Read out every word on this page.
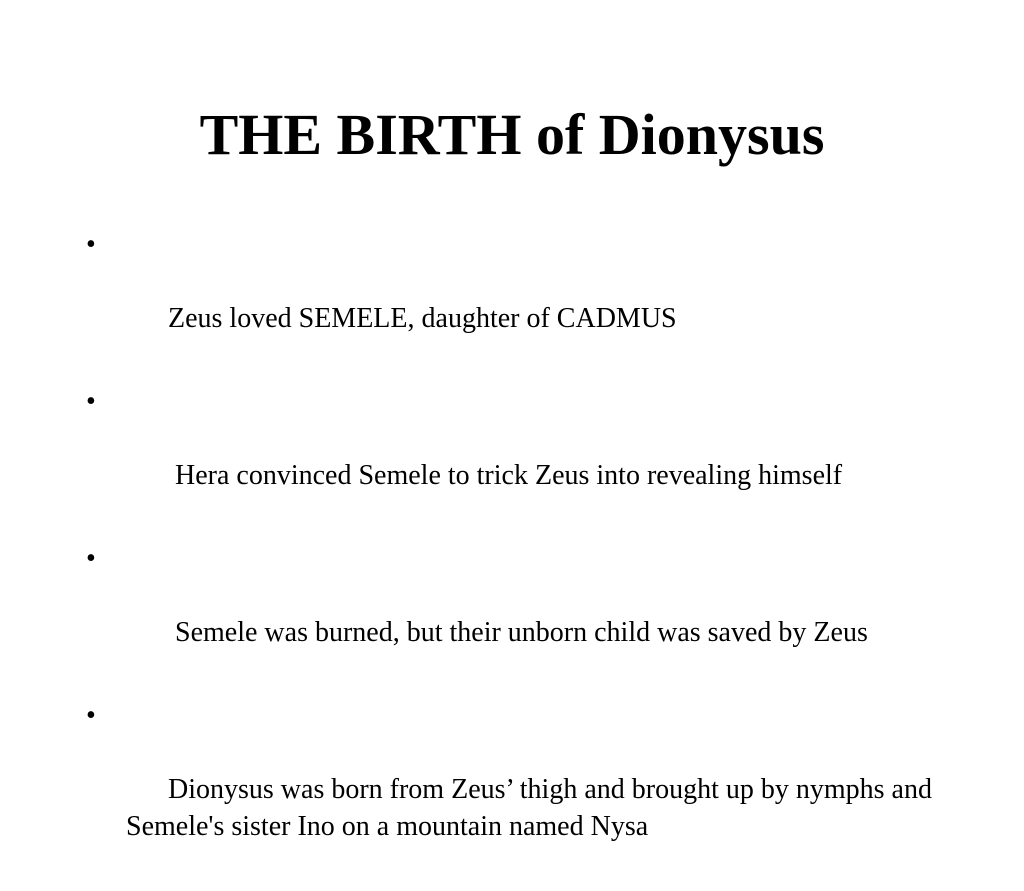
THE BIRTH of Dionysus

•

Zeus loved SEMELE, daughter of CADMUS

•

Hera convinced Semele to trick Zeus into revealing himself

•

Semele was burned, but their unborn child was saved by Zeus

•

Dionysus was born from Zeus’ thigh and brought up by nymphs and Semele's sister Ino on a mountain named Nysa
